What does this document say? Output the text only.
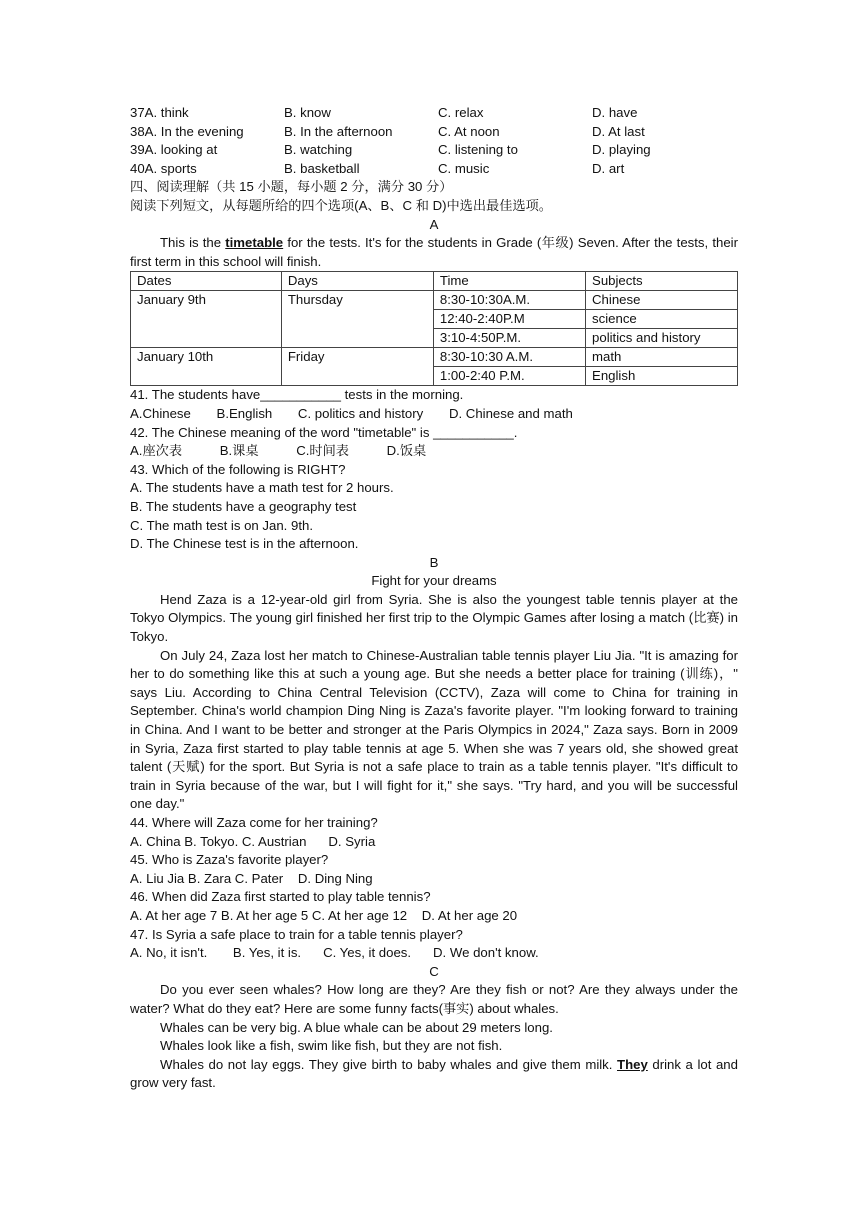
37A. think	B. know	C. relax	D. have
38A. In the evening	B. In the afternoon	C. At noon	D. At last
39A. looking at	B. watching	C. listening to	D. playing
40A. sports	B. basketball	C. music	D. art
四、阅读理解（共 15 小题，每小题 2 分，满分 30 分）
阅读下列短文，从每题所给的四个选项(A、B、C 和 D)中选出最佳选项。
A
This is the timetable for the tests. It's for the students in Grade (年级) Seven. After the tests, their first term in this school will finish.
Dates	Days	Time	Subjects
January 9th	Thursday	8:30-10:30A.M.	Chinese
		12:40-2:40P.M	science
		3:10-4:50P.M.	politics and history
January 10th	Friday	8:30-10:30 A.M.	math
		1:00-2:40 P.M.	English
41. The students have___________ tests in the morning.
A.Chinese B.English C. politics and history D. Chinese and math
42. The Chinese meaning of the word "timetable" is ___________.
A.座次表	B.课桌	C.时间表	D.饭桌
43. Which of the following is RIGHT?
A. The students have a math test for 2 hours.
B. The students have a geography test
C. The math test is on Jan. 9th.
D. The Chinese test is in the afternoon.
B
Fight for your dreams
Hend Zaza is a 12-year-old girl from Syria. She is also the youngest table tennis player at the Tokyo Olympics. The young girl finished her first trip to the Olympic Games after losing a match (比赛) in Tokyo.
On July 24, Zaza lost her match to Chinese-Australian table tennis player Liu Jia. "It is amazing for her to do something like this at such a young age. But she needs a better place for training (训练)，" says Liu. According to China Central Television (CCTV), Zaza will come to China for training in September. China's world champion Ding Ning is Zaza's favorite player. "I'm looking forward to training in China. And I want to be better and stronger at the Paris Olympics in 2024," Zaza says. Born in 2009 in Syria, Zaza first started to play table tennis at age 5. When she was 7 years old, she showed great talent (天赋) for the sport. But Syria is not a safe place to train as a table tennis player. "It's difficult to train in Syria because of the war, but I will fight for it," she says. "Try hard, and you will be successful one day."
44. Where will Zaza come for her training?
A. China B. Tokyo. C. Austrian      D. Syria
45. Who is Zaza's favorite player?
A. Liu Jia B. Zara C. Pater    D. Ding Ning
46. When did Zaza first started to play table tennis?
A. At her age 7 B. At her age 5 C. At her age 12    D. At her age 20
47. Is Syria a safe place to train for a table tennis player?
A. No, it isn't.       B. Yes, it is.      C. Yes, it does.      D. We don't know.
C
Do you ever seen whales? How long are they? Are they fish or not? Are they always under the water? What do they eat? Here are some funny facts(事实) about whales.
Whales can be very big. A blue whale can be about 29 meters long.
Whales look like a fish, swim like fish, but they are not fish.
Whales do not lay eggs. They give birth to baby whales and give them milk. They drink a lot and grow very fast.
